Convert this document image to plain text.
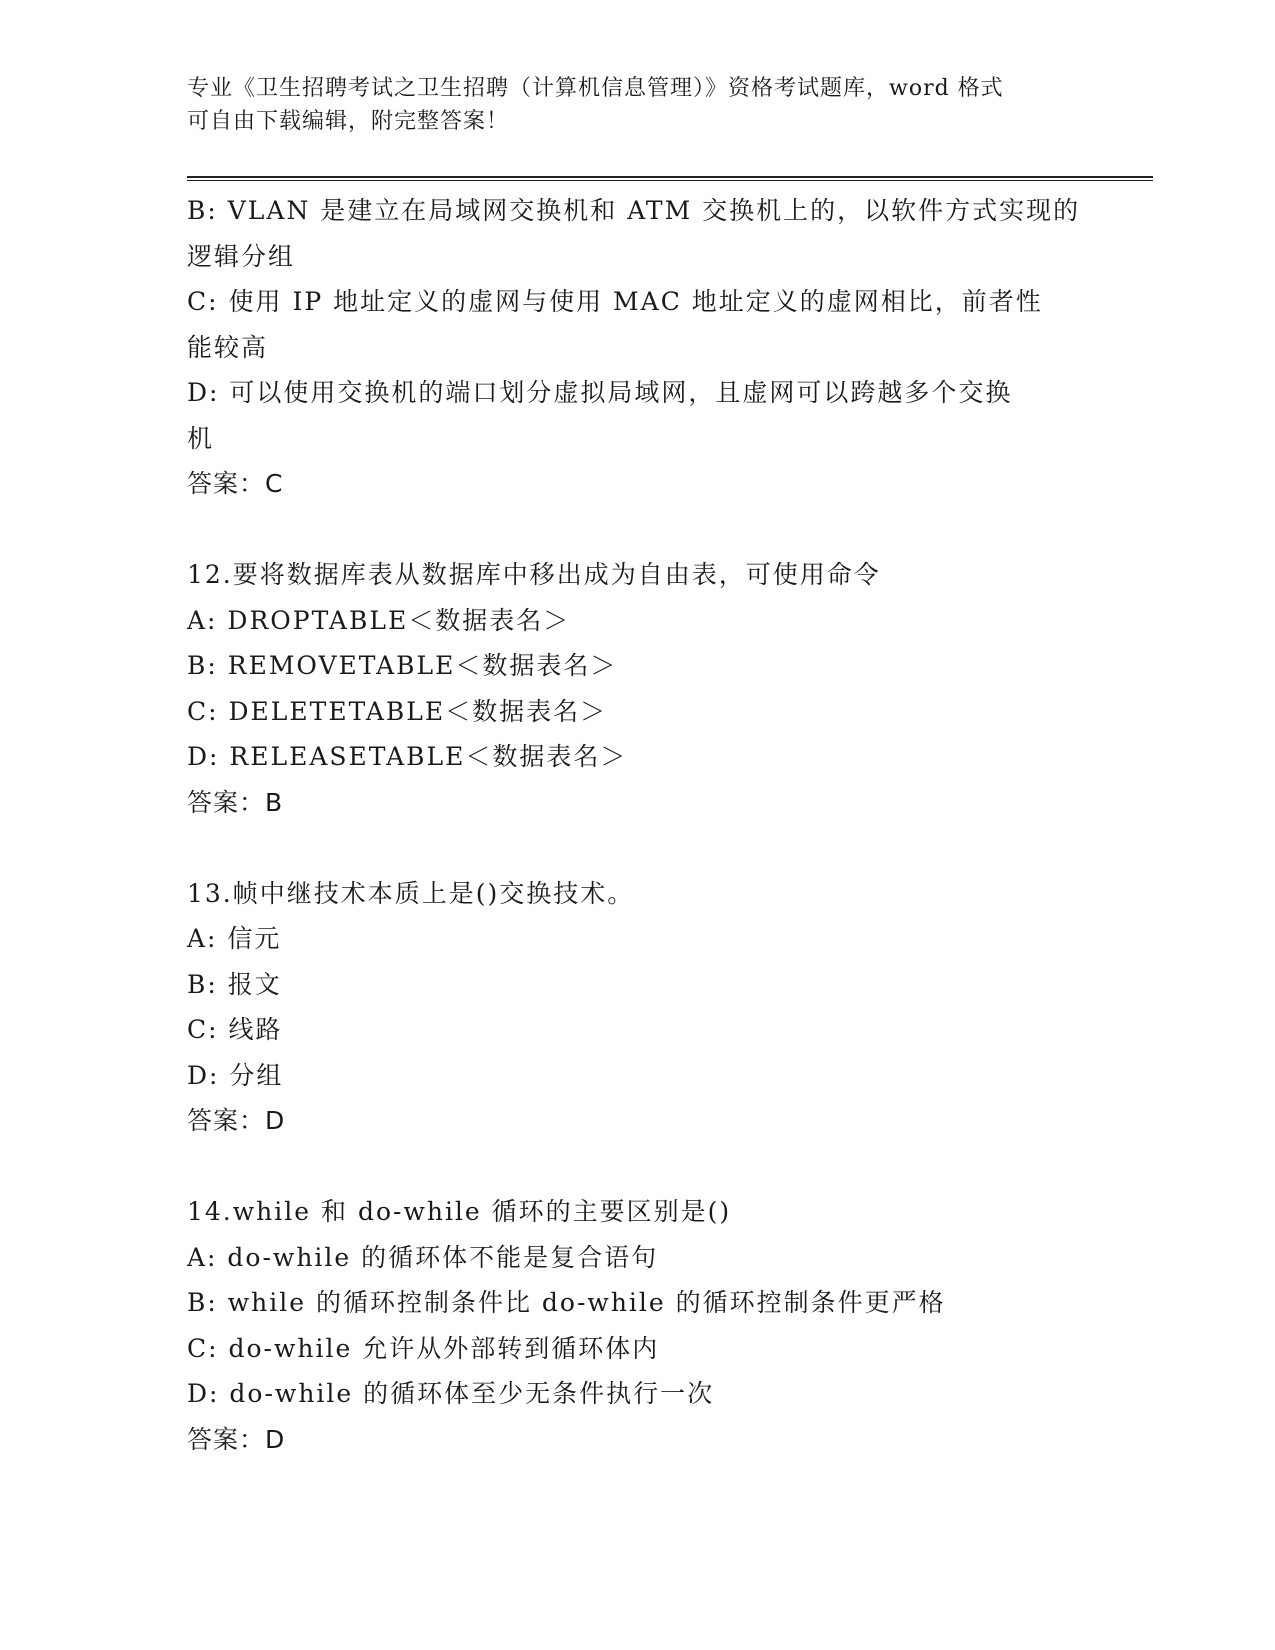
专业《卫生招聘考试之卫生招聘（计算机信息管理）》资格考试题库，word 格式
可自由下载编辑，附完整答案！
B: VLAN 是建立在局域网交换机和 ATM 交换机上的，以软件方式实现的
逻辑分组
C: 使用 IP 地址定义的虚网与使用 MAC 地址定义的虚网相比，前者性
能较高
D: 可以使用交换机的端口划分虚拟局域网，且虚网可以跨越多个交换
机
答案：C
12.要将数据库表从数据库中移出成为自由表，可使用命令
A: DROPTABLE＜数据表名＞
B: REMOVETABLE＜数据表名＞
C: DELETETABLE＜数据表名＞
D: RELEASETABLE＜数据表名＞
答案：B
13.帧中继技术本质上是()交换技术。
A: 信元
B: 报文
C: 线路
D: 分组
答案：D
14.while 和 do-while 循环的主要区别是()
A: do-while 的循环体不能是复合语句
B: while 的循环控制条件比 do-while 的循环控制条件更严格
C: do-while 允许从外部转到循环体内
D: do-while 的循环体至少无条件执行一次
答案：D
